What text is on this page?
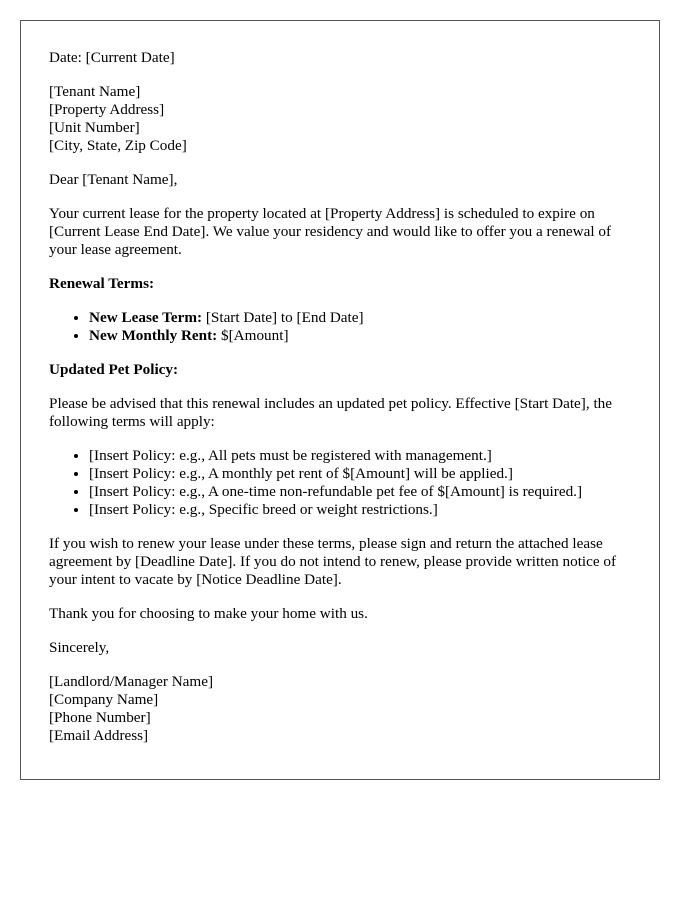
Date: [Current Date]

[Tenant Name]
[Property Address]
[Unit Number]
[City, State, Zip Code]

Dear [Tenant Name],

Your current lease for the property located at [Property Address] is scheduled to expire on [Current Lease End Date]. We value your residency and would like to offer you a renewal of your lease agreement.

Renewal Terms:
• New Lease Term: [Start Date] to [End Date]
• New Monthly Rent: $[Amount]
Updated Pet Policy:

Please be advised that this renewal includes an updated pet policy. Effective [Start Date], the following terms will apply:

• [Insert Policy: e.g., All pets must be registered with management.]
• [Insert Policy: e.g., A monthly pet rent of $[Amount] will be applied.]
• [Insert Policy: e.g., A one-time non-refundable pet fee of $[Amount] is required.]
• [Insert Policy: e.g., Specific breed or weight restrictions.]

If you wish to renew your lease under these terms, please sign and return the attached lease agreement by [Deadline Date]. If you do not intend to renew, please provide written notice of your intent to vacate by [Notice Deadline Date].

Thank you for choosing to make your home with us.

Sincerely,

[Landlord/Manager Name]
[Company Name]
[Phone Number]
[Email Address]
